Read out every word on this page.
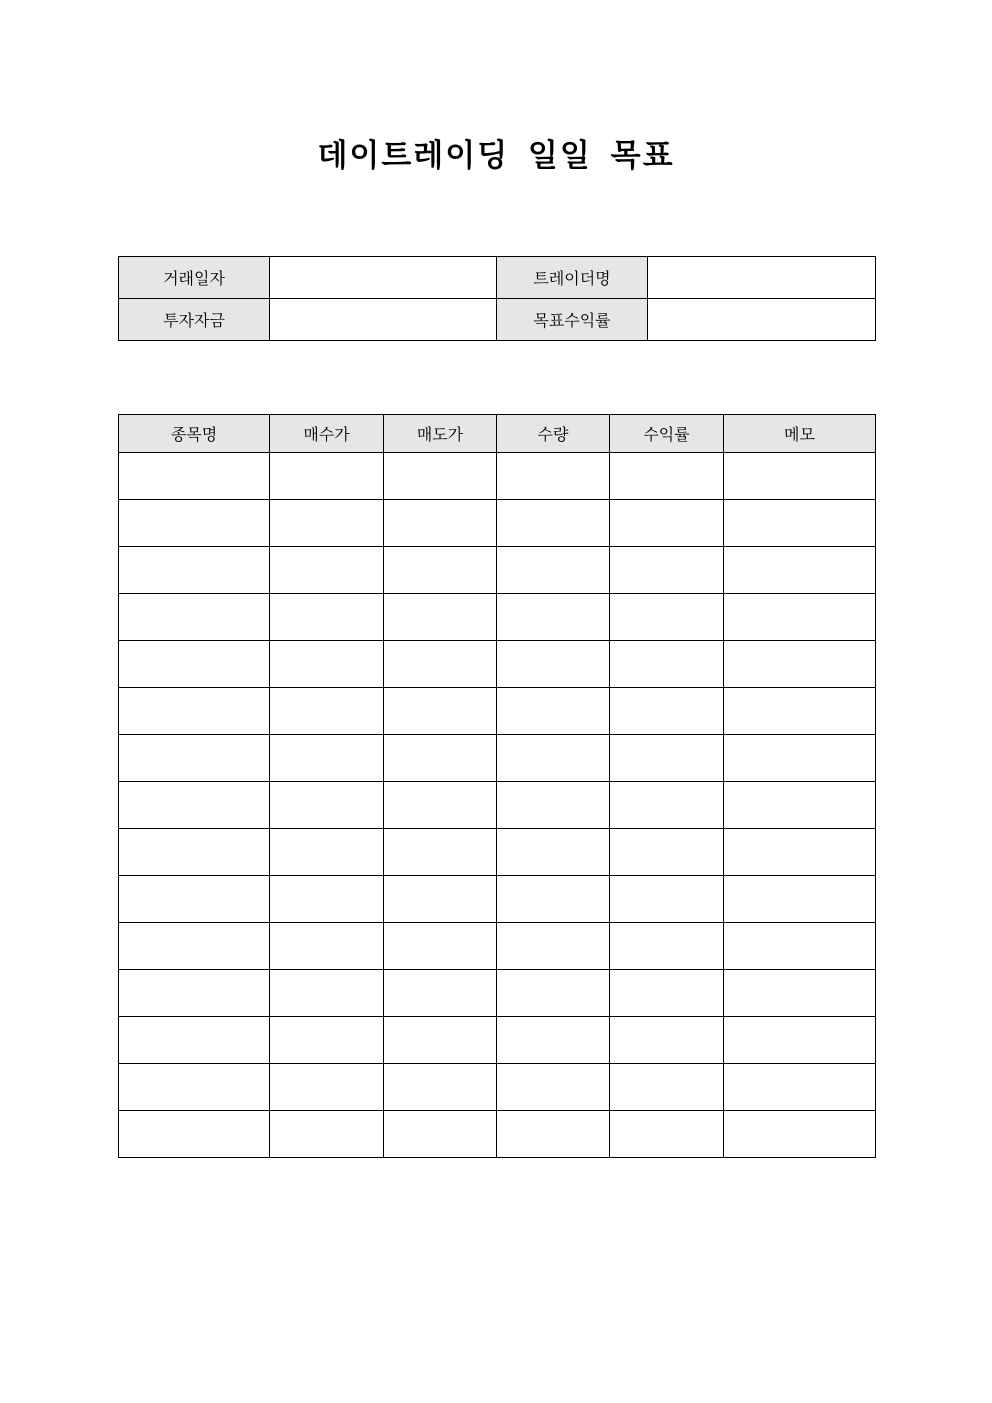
데이트레이딩 일일 목표
거래일자		트레이더명	
투자자금		목표수익률	
종목명	매수가	매도가	수량	수익률	메모
